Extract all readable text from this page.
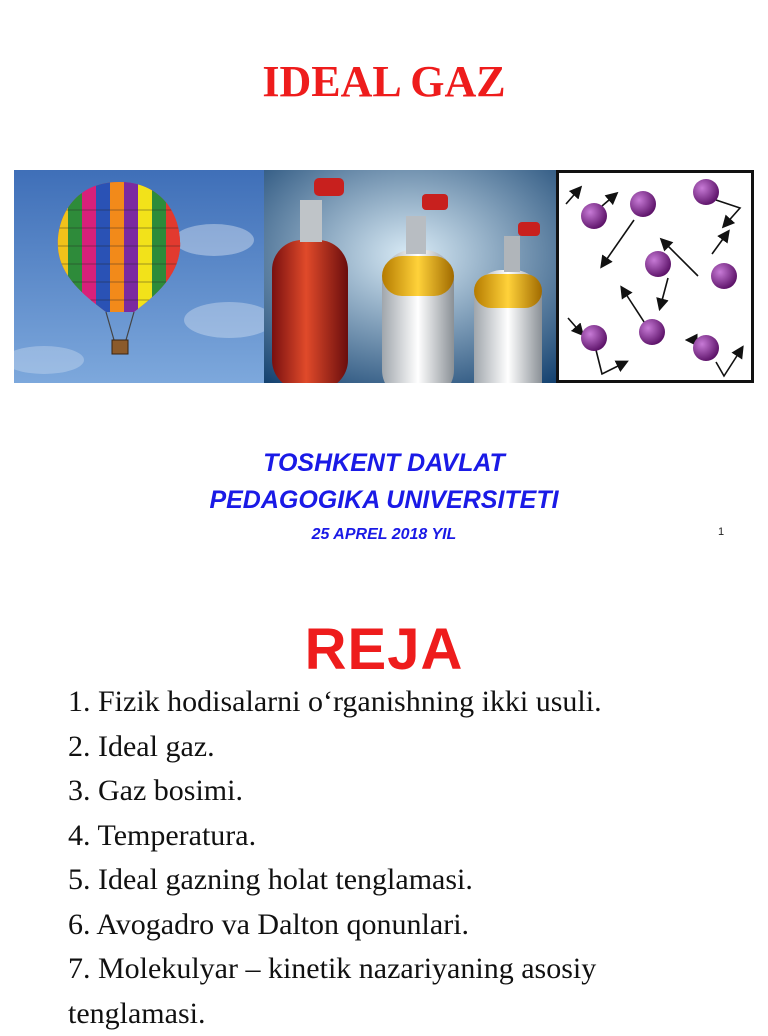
IDEAL GAZ

TOSHKENT DAVLAT

PEDAGOGIKA UNIVERSITETI

25 APREL 2018 YIL	1
REJA
1. Fizik hodisalarni o‘rganishning ikki usuli.
2. Ideal gaz.
3. Gaz bosimi.
4. Temperatura.
5. Ideal gazning holat tenglamasi.
6. Avogadro va Dalton qonunlari.
7. Molekulyar – kinetik nazariyaning asosiy tenglamasi.
